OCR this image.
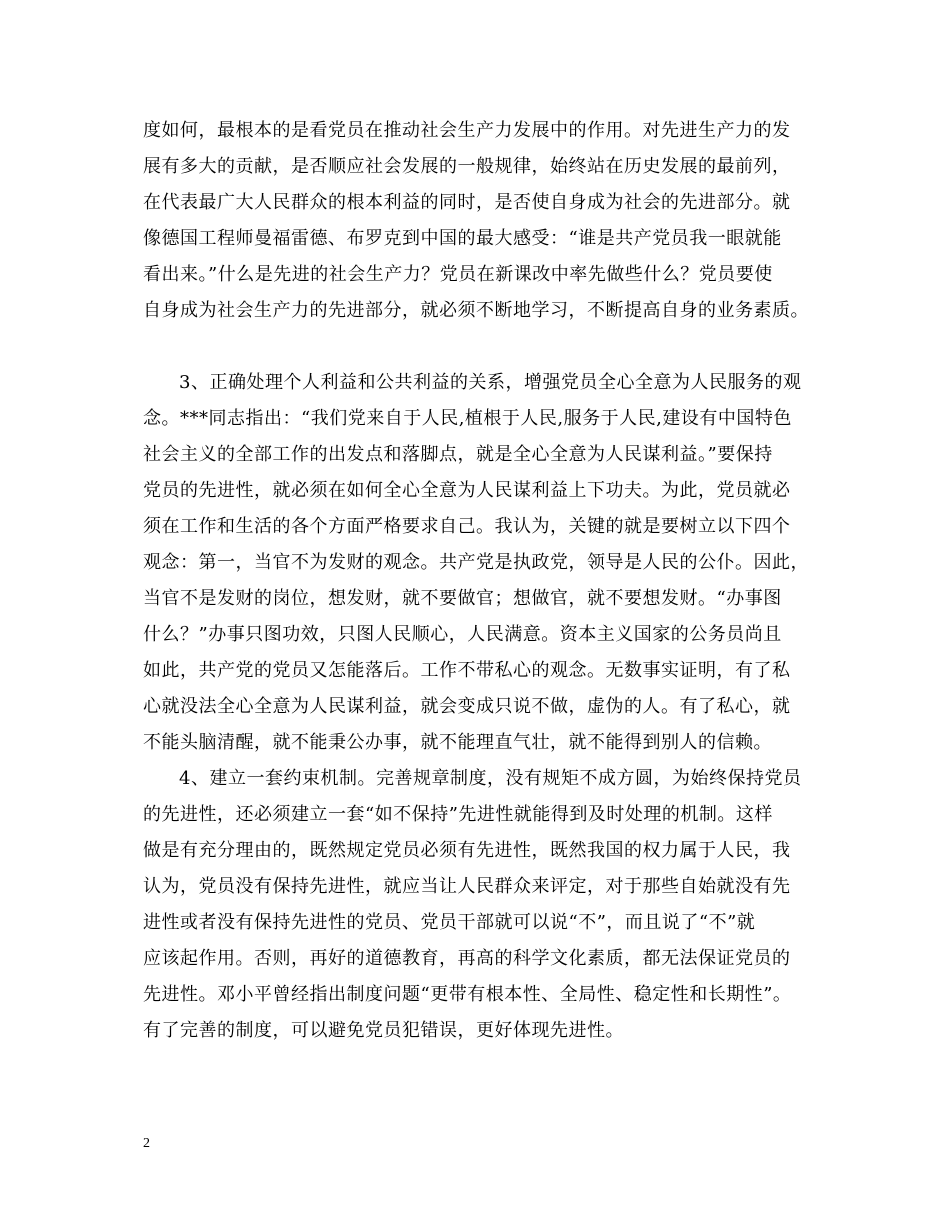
度如何，最根本的是看党员在推动社会生产力发展中的作用。对先进生产力的发
展有多大的贡献，是否顺应社会发展的一般规律，始终站在历史发展的最前列，
在代表最广大人民群众的根本利益的同时，是否使自身成为社会的先进部分。就
像德国工程师曼福雷德、布罗克到中国的最大感受：“谁是共产党员我一眼就能
看出来。”什么是先进的社会生产力？党员在新课改中率先做些什么？党员要使
自身成为社会生产力的先进部分，就必须不断地学习，不断提高自身的业务素质。
3、正确处理个人利益和公共利益的关系，增强党员全心全意为人民服务的观
念。***同志指出：“我们党来自于人民,植根于人民,服务于人民,建设有中国特色
社会主义的全部工作的出发点和落脚点，就是全心全意为人民谋利益。”要保持
党员的先进性，就必须在如何全心全意为人民谋利益上下功夫。为此，党员就必
须在工作和生活的各个方面严格要求自己。我认为，关键的就是要树立以下四个
观念：第一，当官不为发财的观念。共产党是执政党，领导是人民的公仆。因此，
当官不是发财的岗位，想发财，就不要做官；想做官，就不要想发财。“办事图
什么？”办事只图功效，只图人民顺心，人民满意。资本主义国家的公务员尚且
如此，共产党的党员又怎能落后。工作不带私心的观念。无数事实证明，有了私
心就没法全心全意为人民谋利益，就会变成只说不做，虚伪的人。有了私心，就
不能头脑清醒，就不能秉公办事，就不能理直气壮，就不能得到别人的信赖。
4、建立一套约束机制。完善规章制度，没有规矩不成方圆，为始终保持党员
的先进性，还必须建立一套“如不保持”先进性就能得到及时处理的机制。这样
做是有充分理由的，既然规定党员必须有先进性，既然我国的权力属于人民，我
认为，党员没有保持先进性，就应当让人民群众来评定，对于那些自始就没有先
进性或者没有保持先进性的党员、党员干部就可以说“不”，而且说了“不”就
应该起作用。否则，再好的道德教育，再高的科学文化素质，都无法保证党员的
先进性。邓小平曾经指出制度问题“更带有根本性、全局性、稳定性和长期性”。
有了完善的制度，可以避免党员犯错误，更好体现先进性。
2
